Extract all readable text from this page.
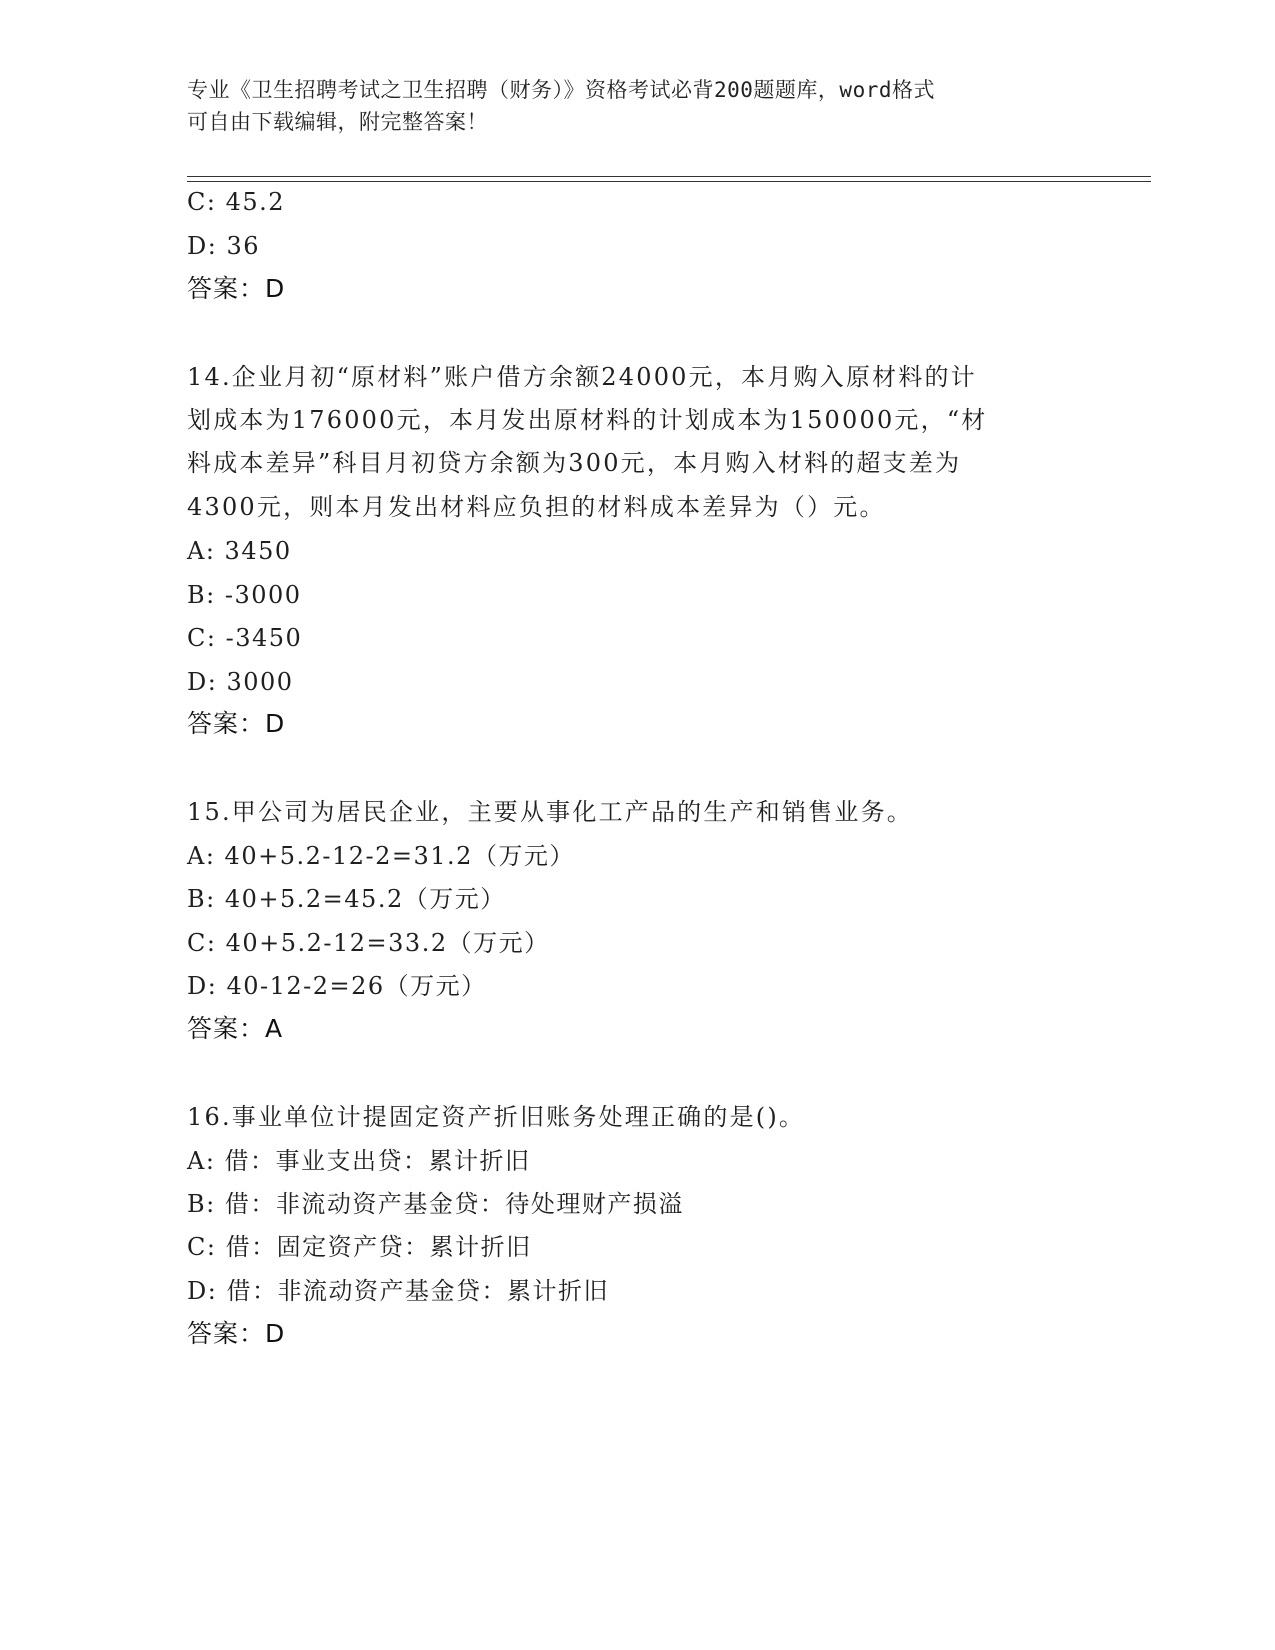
专业《卫生招聘考试之卫生招聘（财务）》资格考试必背200题题库，word格式
可自由下载编辑，附完整答案！
C: 45.2
D: 36
答案：D
14.企业月初“原材料”账户借方余额24000元，本月购入原材料的计
划成本为176000元，本月发出原材料的计划成本为150000元，“材
料成本差异”科目月初贷方余额为300元，本月购入材料的超支差为
4300元，则本月发出材料应负担的材料成本差异为（）元。
A: 3450
B: -3000
C: -3450
D: 3000
答案：D
15.甲公司为居民企业，主要从事化工产品的生产和销售业务。
A: 40+5.2-12-2=31.2（万元）
B: 40+5.2=45.2（万元）
C: 40+5.2-12=33.2（万元）
D: 40-12-2=26（万元）
答案：A
16.事业单位计提固定资产折旧账务处理正确的是()。
A: 借：事业支出贷：累计折旧
B: 借：非流动资产基金贷：待处理财产损溢
C: 借：固定资产贷：累计折旧
D: 借：非流动资产基金贷：累计折旧
答案：D
